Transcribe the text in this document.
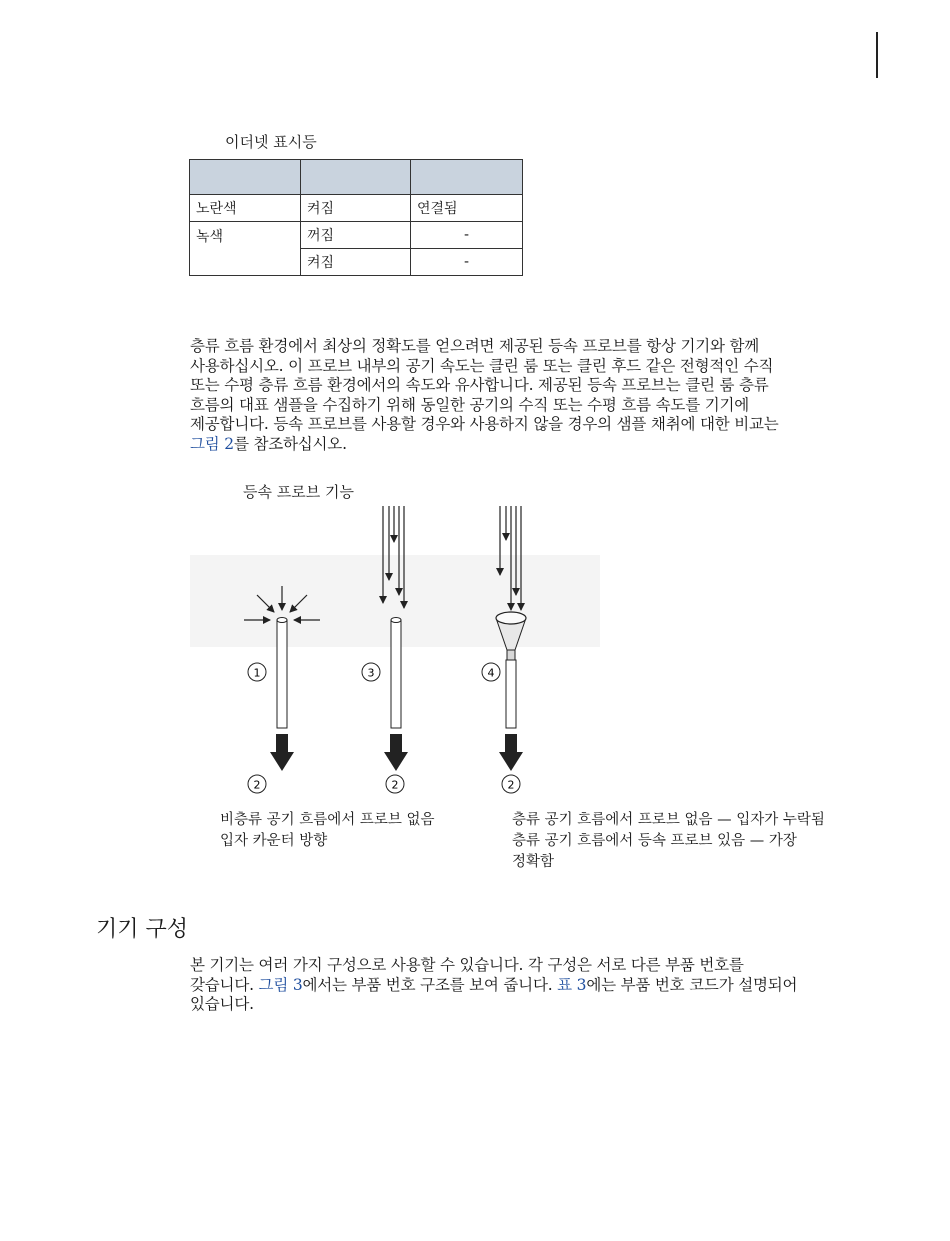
이더넷 표시등

노란색	켜짐	연결됨
녹색	꺼짐	-
	켜짐	-

층류 흐름 환경에서 최상의 정확도를 얻으려면 제공된 등속 프로브를 항상 기기와 함께

사용하십시오. 이 프로브 내부의 공기 속도는 클린 룸 또는 클린 후드 같은 전형적인 수직

또는 수평 층류 흐름 환경에서의 속도와 유사합니다. 제공된 등속 프로브는 클린 룸 층류

흐름의 대표 샘플을 수집하기 위해 동일한 공기의 수직 또는 수평 흐름 속도를 기기에

제공합니다. 등속 프로브를 사용할 경우와 사용하지 않을 경우의 샘플 채취에 대한 비교는

그림 2를 참조하십시오.

등속 프로브 기능
1
2
3
2
4
2
비층류 공기 흐름에서 프로브 없음
입자 카운터 방향
층류 공기 흐름에서 프로브 없음 — 입자가 누락됨
층류 공기 흐름에서 등속 프로브 있음 — 가장
정확함
기기 구성

본 기기는 여러 가지 구성으로 사용할 수 있습니다. 각 구성은 서로 다른 부품 번호를

갖습니다. 그림 3에서는 부품 번호 구조를 보여 줍니다. 표 3에는 부품 번호 코드가 설명되어

있습니다.
